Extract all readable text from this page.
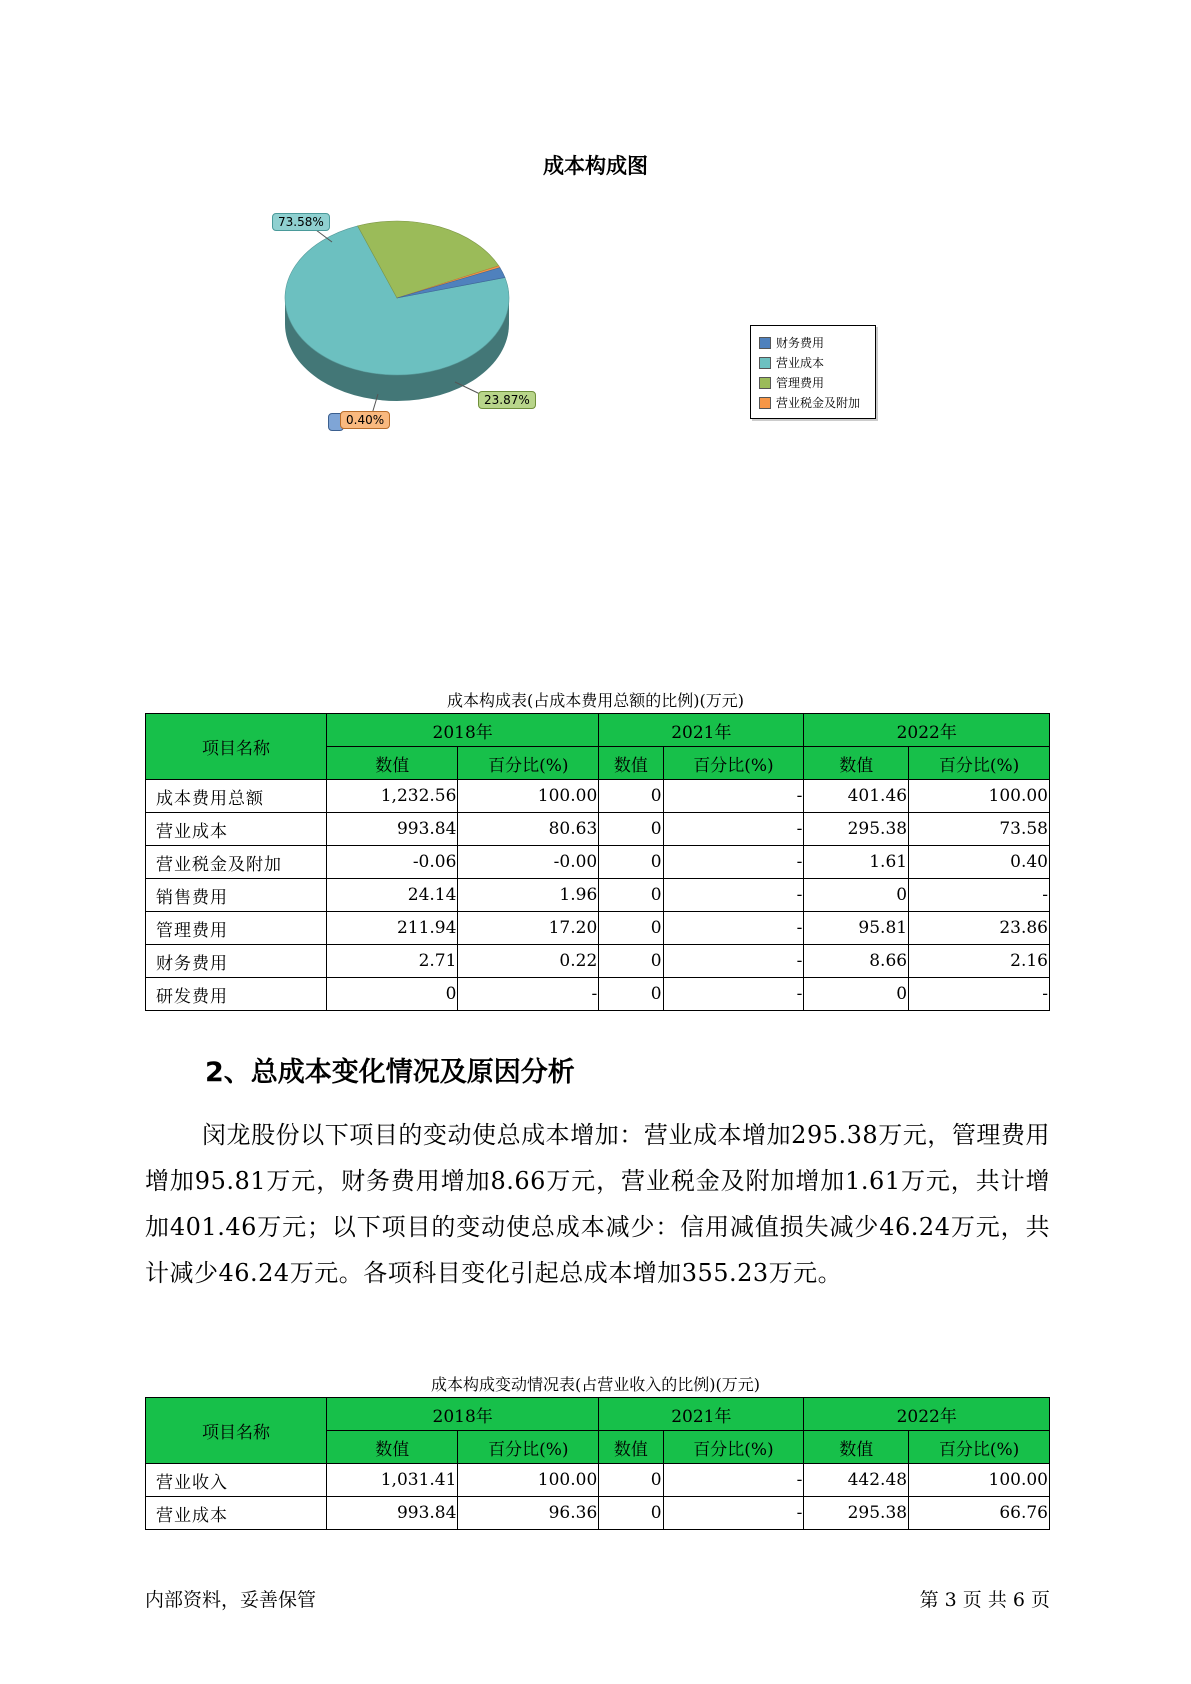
成本构成图
73.58%
23.87%
0.40%
财务费用
营业成本
管理费用
营业税金及附加
成本构成表(占成本费用总额的比例)(万元)
项目名称	2018年		2021年		2022年	
	数值	百分比(%)	数值	百分比(%)	数值	百分比(%)
成本费用总额	1,232.56	100.00	0	-	401.46	100.00
营业成本	993.84	80.63	0	-	295.38	73.58
营业税金及附加	-0.06	-0.00	0	-	1.61	0.40
销售费用	24.14	1.96	0	-	0	-
管理费用	211.94	17.20	0	-	95.81	23.86
财务费用	2.71	0.22	0	-	8.66	2.16
研发费用	0	-	0	-	0	-
2、总成本变化情况及原因分析
闵龙股份以下项目的变动使总成本增加：营业成本增加295.38万元，管理费用增加95.81万元，财务费用增加8.66万元，营业税金及附加增加1.61万元，共计增加401.46万元；以下项目的变动使总成本减少：信用减值损失减少46.24万元，共计减少46.24万元。各项科目变化引起总成本增加355.23万元。
成本构成变动情况表(占营业收入的比例)(万元)
项目名称	2018年		2021年		2022年	
	数值	百分比(%)	数值	百分比(%)	数值	百分比(%)
营业收入	1,031.41	100.00	0	-	442.48	100.00
营业成本	993.84	96.36	0	-	295.38	66.76
内部资料，妥善保管	第 3 页 共 6 页
